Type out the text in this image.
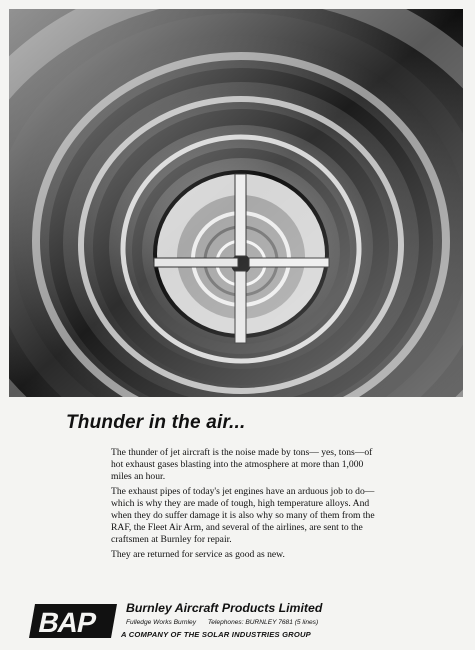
Thunder in the air...

The thunder of jet aircraft is the noise made by tons— yes, tons—of hot exhaust gases blasting into the atmosphere at more than 1,000 miles an hour.

The exhaust pipes of today's jet engines have an arduous job to do—which is why they are made of tough, high temperature alloys. And when they do suffer damage it is also why so many of them from the RAF, the Fleet Air Arm, and several of the airlines, are sent to the craftsmen at Burnley for repair.

They are returned for service as good as new.

BAP Burnley Aircraft Products Limited
Fulledge Works Burnley Telephones: BURNLEY 7681 (5 lines)
A COMPANY OF THE SOLAR INDUSTRIES GROUP
